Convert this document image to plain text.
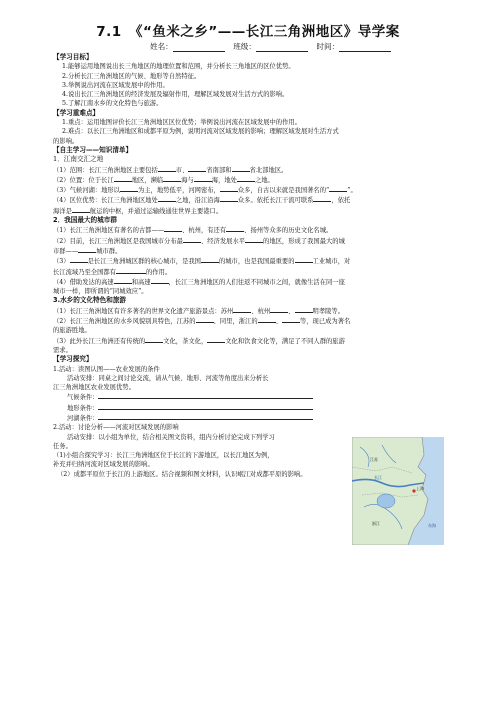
7.1　《“鱼米之乡”——长江三角洲地区》导学案
姓名：	班级：	时间：
【学习目标】
1.能够运用地图说出长三角地区的地理位置和范围，并分析长三角地区的区位优势。
2.分析长江三角洲地区的气候、地形等自然特征。
3.举例说出河流在区域发展中的作用。
4.说出长江三角洲地区的经济发展及辐射作用，理解区域发展对生活方式的影响。
5.了解江南水乡的文化特色与旅游。
【学习重难点】
1.重点：运用地图评价长江三角洲地区区位优势；举例说出河流在区域发展中的作用。
2.难点：以长江三角洲地区和成都平原为例，说明河流对区域发展的影响；理解区域发展对生活方式
的影响。
【自主学习——知识清单】
1．江南交汇之地
（1）范围：长江三角洲地区主要包括	市、	省南部和	省北部地区。
（2）位置：位于长江	地区，濒临	海与	海，地处	之地。
（3）气候河湖：地形以	为主，地势低平，河网密布，	众多，自古以来就是我国著名的“	”。
（4）区位优势：长江三角洲地区地处	之地，沿江沿海	众多。依托长江干流可联系	，依托
海洋是	航运的中枢，并通过运输线通往世界主要港口。
2．我国最大的城市群
（1）长江三角洲地区有著名的古都——	、杭州，有还有	、扬州等众多的历史文化名城。
（2）目前，长江三角洲地区是我国城市分布最	、经济发展水平	的地区，形成了我国最大的城
市群——	城市群。
（3）	是长江三角洲城区群的核心城市，是我国	的城市，也是我国最重要的	工业城市，对
长江流域乃至全国都有	的作用。
（4）借助发达的高速	和高速	，长江三角洲地区的人们往返不同城市之间，就像生活在同一座
城市一样，即所谓的“同城效应”。
3.水乡的文化特色和旅游
（1）长江三角洲地区有许多著名的世界文化遗产旅游景点：苏州	、杭州	、	明孝陵等。
（2）长江三角洲地区的水乡风貌别具特色，江苏的	、同里，浙江的	、	等，现已成为著名
的旅游胜地。
（3）此外长江三角洲还有传统的	文化，茶文化，	文化和饮食文化等，满足了不同人群的旅游
需求。
【学习探究】
1.活动：读图认图——农业发展的条件
活动安排：同桌之间讨论交流，请从气候、地形、河流等角度出来分析长
江三角洲地区农业发展优势。
气候条件：
地形条件：
河湖条件：
2.活动：讨论分析——河流对区域发展的影响
活动安排：以小组为单位，结合相关图文资料，组内分析讨论完成下列学习
任务。
（1)小组合探究学习：长江三角洲地区位于长江的下游地区，以长江地区为例，
补充并归纳河流对区域发展的影响。
（2）成都平原位于长江的上游地区。结合视频和图文材料，认识岷江对成都平原的影响。	长江
上海
江苏
浙江	东海
